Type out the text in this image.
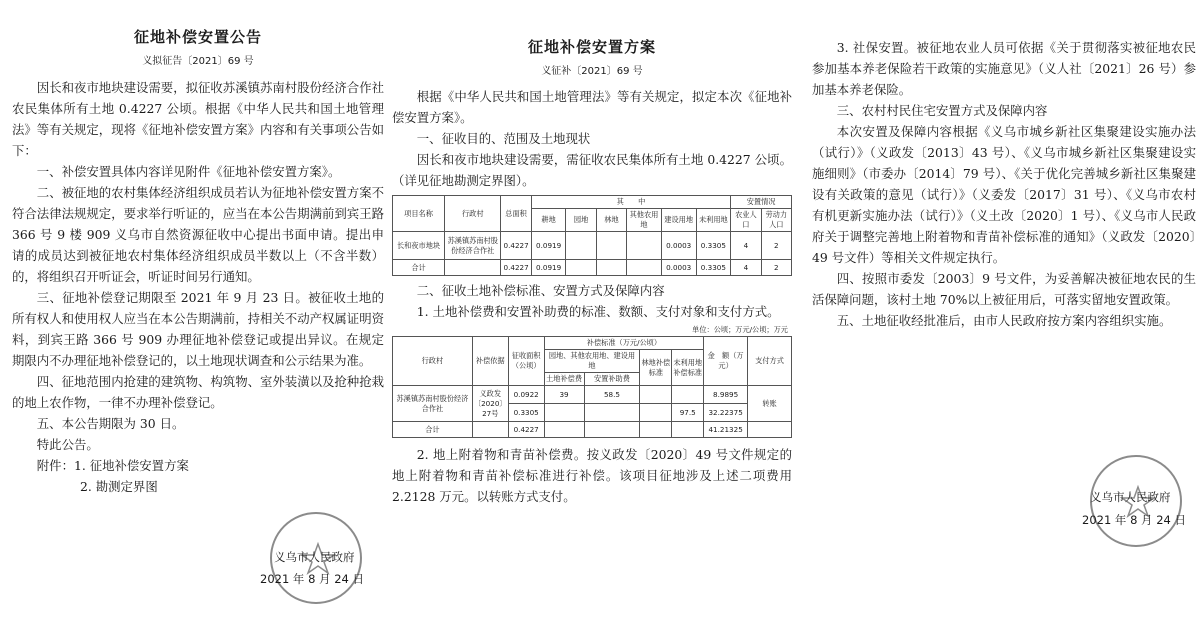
征地补偿安置公告
义拟征告〔2021〕69 号

因长和夜市地块建设需要，拟征收苏溪镇苏南村股份经济合作社农民集体所有土地 0.4227 公顷。根据《中华人民共和国土地管理法》等有关规定，现将《征地补偿安置方案》内容和有关事项公告如下：

一、补偿安置具体内容详见附件《征地补偿安置方案》。

二、被征地的农村集体经济组织成员若认为征地补偿安置方案不符合法律法规规定，要求举行听证的，应当在本公告期满前到宾王路 366 号 9 楼 909 义乌市自然资源征收中心提出书面申请。提出申请的成员达到被征地农村集体经济组织成员半数以上（不含半数）的，将组织召开听证会，听证时间另行通知。

三、征地补偿登记期限至 2021 年 9 月 23 日。被征收土地的所有权人和使用权人应当在本公告期满前，持相关不动产权属证明资料，到宾王路 366 号 909 办理征地补偿登记或提出异议。在规定期限内不办理征地补偿登记的，以土地现状调查和公示结果为准。

四、征地范围内抢建的建筑物、构筑物、室外装潢以及抢种抢栽的地上农作物，一律不办理补偿登记。

五、本公告期限为 30 日。

特此公告。

附件：1. 征地补偿安置方案

2. 勘测定界图

义乌市人民政府
2021 年 8 月 24 日
征地补偿安置方案
义征补〔2021〕69 号

根据《中华人民共和国土地管理法》等有关规定，拟定本次《征地补偿安置方案》。

一、征收目的、范围及土地现状

因长和夜市地块建设需要，需征收农民集体所有土地 0.4227 公顷。（详见征地勘测定界图）。

项目名称	行政村	总面积	其　　中						安置情况	
			耕地	园地	林地	其他农用地	建设用地	未利用地	农业人口	劳动力人口
长和夜市地块	苏溪镇苏南村股份经济合作社	0.4227	0.0919				0.0003	0.3305	4	2
合计		0.4227	0.0919				0.0003	0.3305	4	2

二、征收土地补偿标准、安置方式及保障内容

1. 土地补偿费和安置补助费的标准、数额、支付对象和支付方式。

单位：公顷；万元/公顷；万元
行政村	补偿依据	征收面积（公顷）	补偿标准（万元/公顷）				金　额（万元）	支付方式
			园地、其他农用地、建设用地		林地补偿标准	未利用地补偿标准		
			土地补偿费	安置补助费				
苏溪镇苏南村股份经济合作社	义政发〔2020〕27号	0.0922	39	58.5			8.9895	转账
		0.3305				97.5	32.22375	
合计		0.4227					41.21325	

2. 地上附着物和青苗补偿费。按义政发〔2020〕49 号文件规定的地上附着物和青苗补偿标准进行补偿。该项目征地涉及上述二项费用 2.2128 万元。以转账方式支付。

3. 社保安置。被征地农业人员可依据《关于贯彻落实被征地农民参加基本养老保险若干政策的实施意见》（义人社〔2021〕26 号）参加基本养老保险。

三、农村村民住宅安置方式及保障内容

本次安置及保障内容根据《义乌市城乡新社区集聚建设实施办法（试行）》（义政发〔2013〕43 号）、《义乌市城乡新社区集聚建设实施细则》（市委办〔2014〕79 号）、《关于优化完善城乡新社区集聚建设有关政策的意见（试行）》（义委发〔2017〕31 号）、《义乌市农村有机更新实施办法（试行）》（义土改〔2020〕1 号）、《义乌市人民政府关于调整完善地上附着物和青苗补偿标准的通知》（义政发〔2020〕49 号文件）等相关文件规定执行。

四、按照市委发〔2003〕9 号文件，为妥善解决被征地农民的生活保障问题，该村土地 70%以上被征用后，可落实留地安置政策。

五、土地征收经批准后，由市人民政府按方案内容组织实施。

义乌市人民政府
2021 年 8 月 24 日
